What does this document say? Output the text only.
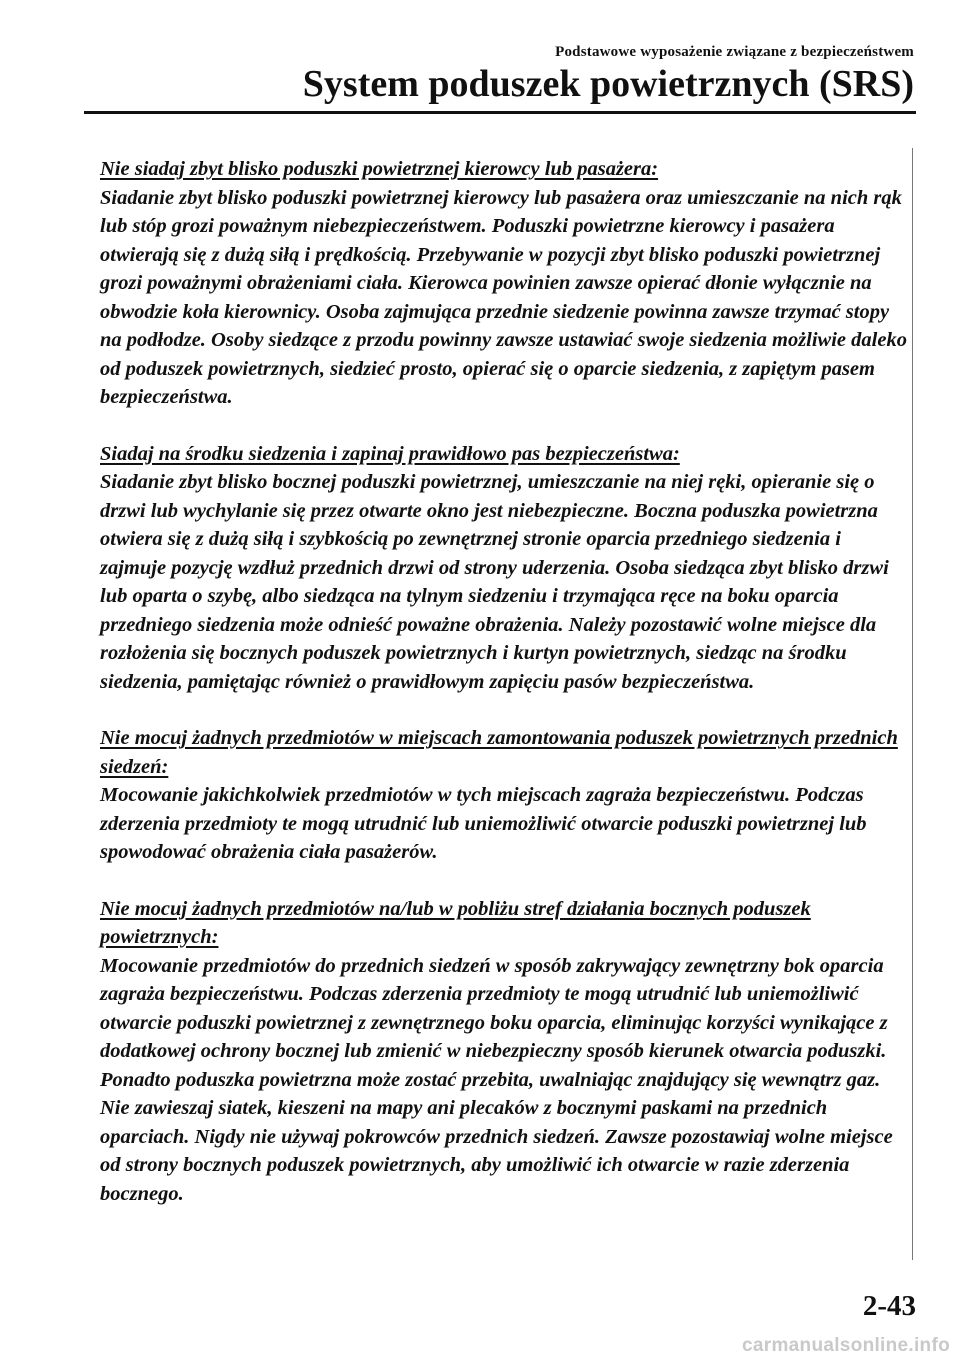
Podstawowe wyposażenie związane z bezpieczeństwem
System poduszek powietrznych (SRS)

Nie siadaj zbyt blisko poduszki powietrznej kierowcy lub pasażera:
Siadanie zbyt blisko poduszki powietrznej kierowcy lub pasażera oraz umieszczanie na nich rąk lub stóp grozi poważnym niebezpieczeństwem. Poduszki powietrzne kierowcy i pasażera otwierają się z dużą siłą i prędkością. Przebywanie w pozycji zbyt blisko poduszki powietrznej grozi poważnymi obrażeniami ciała. Kierowca powinien zawsze opierać dłonie wyłącznie na obwodzie koła kierownicy. Osoba zajmująca przednie siedzenie powinna zawsze trzymać stopy na podłodze. Osoby siedzące z przodu powinny zawsze ustawiać swoje siedzenia możliwie daleko od poduszek powietrznych, siedzieć prosto, opierać się o oparcie siedzenia, z zapiętym pasem bezpieczeństwa.

Siadaj na środku siedzenia i zapinaj prawidłowo pas bezpieczeństwa:
Siadanie zbyt blisko bocznej poduszki powietrznej, umieszczanie na niej ręki, opieranie się o drzwi lub wychylanie się przez otwarte okno jest niebezpieczne. Boczna poduszka powietrzna otwiera się z dużą siłą i szybkością po zewnętrznej stronie oparcia przedniego siedzenia i zajmuje pozycję wzdłuż przednich drzwi od strony uderzenia. Osoba siedząca zbyt blisko drzwi lub oparta o szybę, albo siedząca na tylnym siedzeniu i trzymająca ręce na boku oparcia przedniego siedzenia może odnieść poważne obrażenia. Należy pozostawić wolne miejsce dla rozłożenia się bocznych poduszek powietrznych i kurtyn powietrznych, siedząc na środku siedzenia, pamiętając również o prawidłowym zapięciu pasów bezpieczeństwa.

Nie mocuj żadnych przedmiotów w miejscach zamontowania poduszek powietrznych przednich siedzeń:
Mocowanie jakichkolwiek przedmiotów w tych miejscach zagraża bezpieczeństwu. Podczas zderzenia przedmioty te mogą utrudnić lub uniemożliwić otwarcie poduszki powietrznej lub spowodować obrażenia ciała pasażerów.

Nie mocuj żadnych przedmiotów na/lub w pobliżu stref działania bocznych poduszek powietrznych:
Mocowanie przedmiotów do przednich siedzeń w sposób zakrywający zewnętrzny bok oparcia zagraża bezpieczeństwu. Podczas zderzenia przedmioty te mogą utrudnić lub uniemożliwić otwarcie poduszki powietrznej z zewnętrznego boku oparcia, eliminując korzyści wynikające z dodatkowej ochrony bocznej lub zmienić w niebezpieczny sposób kierunek otwarcia poduszki. Ponadto poduszka powietrzna może zostać przebita, uwalniając znajdujący się wewnątrz gaz.
Nie zawieszaj siatek, kieszeni na mapy ani plecaków z bocznymi paskami na przednich oparciach. Nigdy nie używaj pokrowców przednich siedzeń. Zawsze pozostawiaj wolne miejsce od strony bocznych poduszek powietrznych, aby umożliwić ich otwarcie w razie zderzenia bocznego.

2-43
carmanualsonline.info
